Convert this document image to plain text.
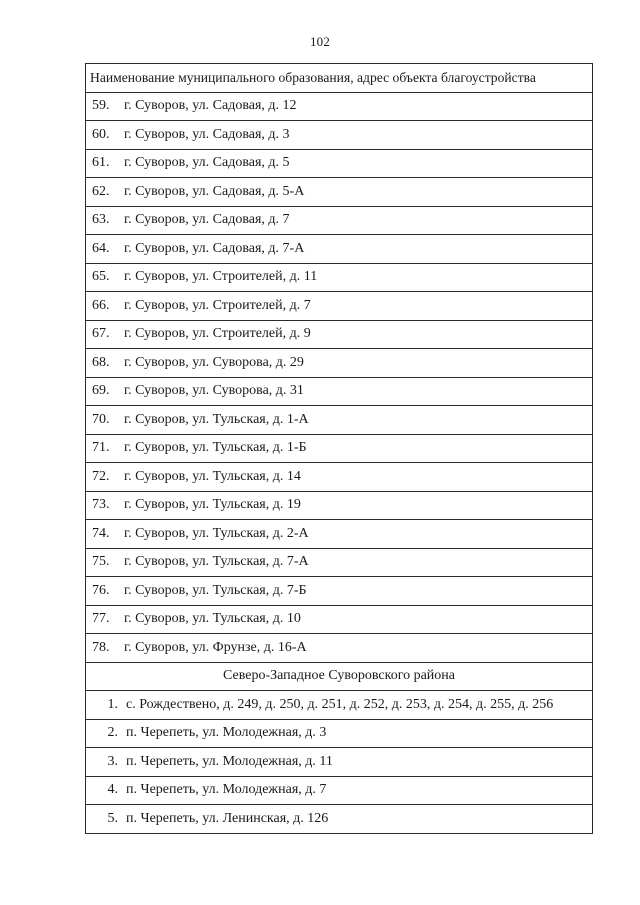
102
Наименование муниципального образования, адрес объекта благоустройства
59. г. Суворов, ул. Садовая, д. 12
60. г. Суворов, ул. Садовая, д. 3
61. г. Суворов, ул. Садовая, д. 5
62. г. Суворов, ул. Садовая, д. 5-А
63. г. Суворов, ул. Садовая, д. 7
64. г. Суворов, ул. Садовая, д. 7-А
65. г. Суворов, ул. Строителей, д. 11
66. г. Суворов, ул. Строителей, д. 7
67. г. Суворов, ул. Строителей, д. 9
68. г. Суворов, ул. Суворова, д. 29
69. г. Суворов, ул. Суворова, д. 31
70. г. Суворов, ул. Тульская, д. 1-А
71. г. Суворов, ул. Тульская, д. 1-Б
72. г. Суворов, ул. Тульская, д. 14
73. г. Суворов, ул. Тульская, д. 19
74. г. Суворов, ул. Тульская, д. 2-А
75. г. Суворов, ул. Тульская, д. 7-А
76. г. Суворов, ул. Тульская, д. 7-Б
77. г. Суворов, ул. Тульская, д. 10
78. г. Суворов, ул. Фрунзе, д. 16-А
Северо-Западное Суворовского района
1. с. Рождествено, д. 249, д. 250, д. 251, д. 252, д. 253, д. 254, д. 255, д. 256
2. п. Черепеть, ул. Молодежная, д. 3
3. п. Черепеть, ул. Молодежная, д. 11
4. п. Черепеть, ул. Молодежная, д. 7
5. п. Черепеть, ул. Ленинская, д. 126
